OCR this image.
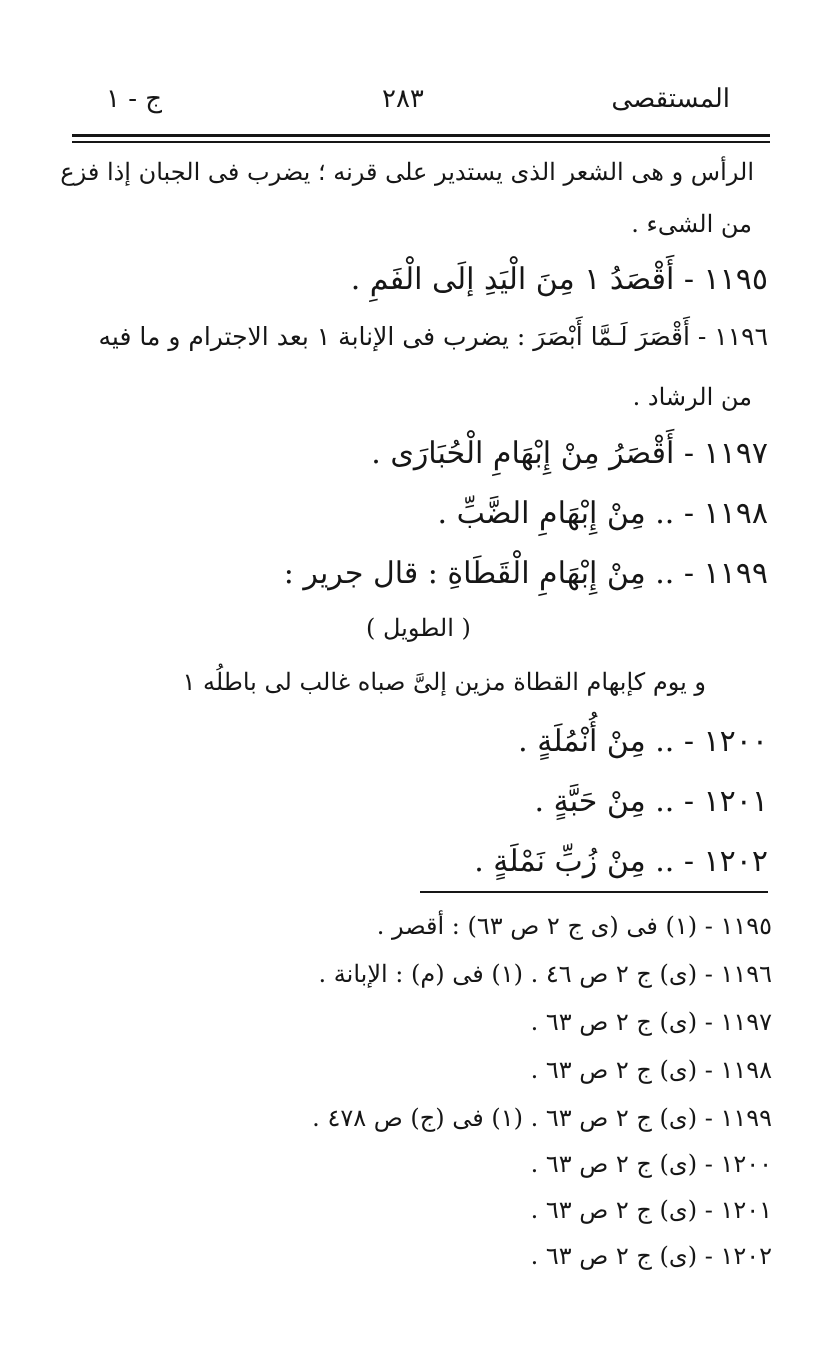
المستقصى
٢٨٣
ج - ١
الرأس و هى الشعر الذى يستدير على قرنه ؛ يضرب فى الجبان إذا فزع
من الشىء .
١١٩٥ - أَقْصَدُ ١ مِنَ الْيَدِ إلَى الْفَمِ .
١١٩٦ - أَقْصَرَ لَـمَّا أَبْصَرَ : يضرب فى الإنابة ١ بعد الاجترام و ما فيه
من الرشاد .
١١٩٧ - أَقْصَرُ مِنْ إِبْهَامِ الْحُبَارَى .
١١٩٨ - .. مِنْ إِبْهَامِ الضَّبِّ .
١١٩٩ - .. مِنْ إِبْهَامِ الْقَطَاةِ : قال جرير :
( الطويل )
و يوم كإبهام القطاة مزين إلىَّ صباه غالب لى باطلُه ١
١٢٠٠ - .. مِنْ أُنْمُلَةٍ .
١٢٠١ - .. مِنْ حَبَّةٍ .
١٢٠٢ - .. مِنْ زُبِّ نَمْلَةٍ .
١١٩٥ - (١) فى (ى ج ٢ ص ٦٣) : أقصر .
١١٩٦ - (ى) ج ٢ ص ٤٦ . (١) فى (م) : الإبانة .
١١٩٧ - (ى) ج ٢ ص ٦٣ .
١١٩٨ - (ى) ج ٢ ص ٦٣ .
١١٩٩ - (ى) ج ٢ ص ٦٣ . (١) فى (ج) ص ٤٧٨ .
١٢٠٠ - (ى) ج ٢ ص ٦٣ .
١٢٠١ - (ى) ج ٢ ص ٦٣ .
١٢٠٢ - (ى) ج ٢ ص ٦٣ .
